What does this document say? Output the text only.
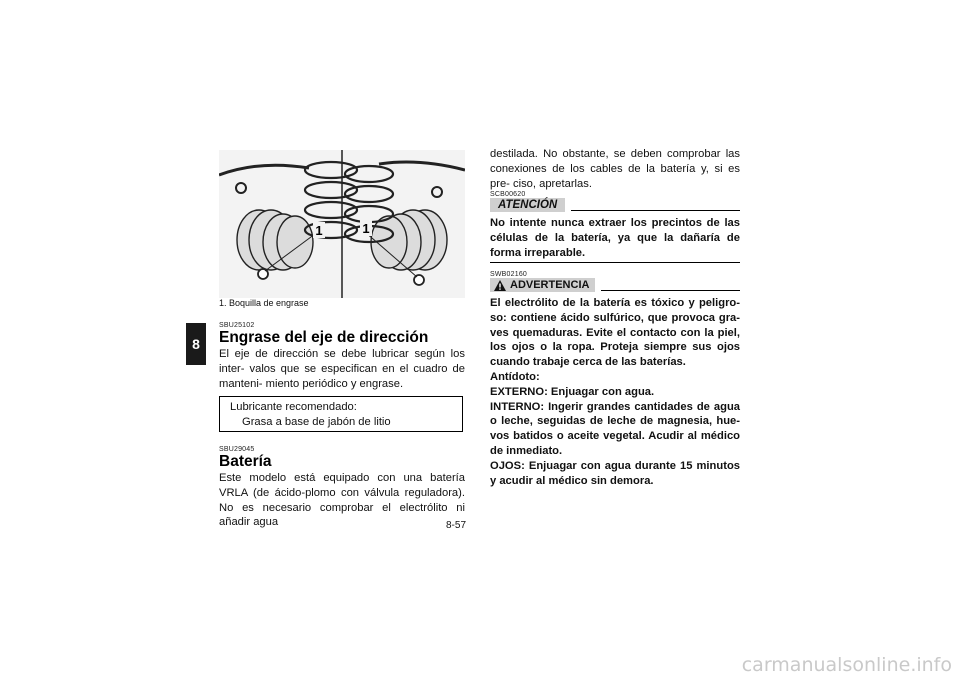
8
1	1
1. Boquilla de engrase
SBU25102
Engrase del eje de dirección
El eje de dirección se debe lubricar según los inter- valos que se especifican en el cuadro de manteni- miento periódico y engrase.
Lubricante recomendado:
Grasa a base de jabón de litio
SBU29045
Batería
Este modelo está equipado con una batería VRLA (de ácido-plomo con válvula reguladora). No es necesario comprobar el electrólito ni añadir agua
destilada. No obstante, se deben comprobar las conexiones de los cables de la batería y, si es pre- ciso, apretarlas.
SCB00620
ATENCIÓN
No intente nunca extraer los precintos de las células de la batería, ya que la dañaría de forma irreparable.
SWB02160
ADVERTENCIA
El electrólito de la batería es tóxico y peligro- so: contiene ácido sulfúrico, que provoca gra- ves quemaduras. Evite el contacto con la piel, los ojos o la ropa. Proteja siempre sus ojos cuando trabaje cerca de las baterías.
Antídoto:
EXTERNO: Enjuagar con agua.
INTERNO: Ingerir grandes cantidades de agua o leche, seguidas de leche de magnesia, hue- vos batidos o aceite vegetal. Acudir al médico de inmediato.
OJOS: Enjuagar con agua durante 15 minutos y acudir al médico sin demora.
8-57
carmanualsonline.info
